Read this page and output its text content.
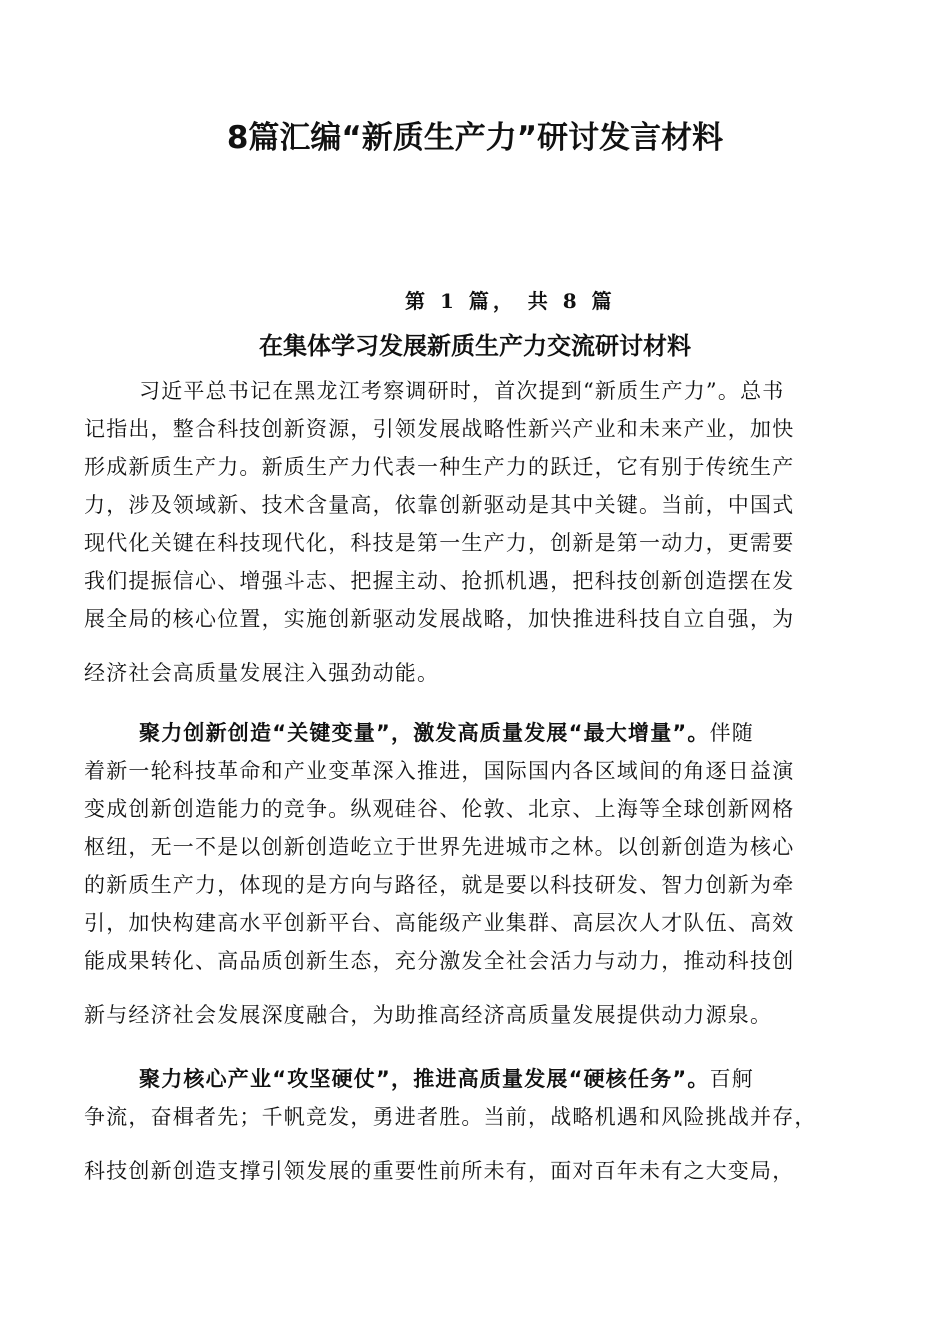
8篇汇编“新质生产力”研讨发言材料
第 1 篇， 共 8 篇
在集体学习发展新质生产力交流研讨材料
习近平总书记在黑龙江考察调研时，首次提到“新质生产力”。总书
记指出，整合科技创新资源，引领发展战略性新兴产业和未来产业，加快
形成新质生产力。新质生产力代表一种生产力的跃迁，它有别于传统生产
力，涉及领域新、技术含量高，依靠创新驱动是其中关键。当前，中国式
现代化关键在科技现代化，科技是第一生产力，创新是第一动力，更需要
我们提振信心、增强斗志、把握主动、抢抓机遇，把科技创新创造摆在发
展全局的核心位置，实施创新驱动发展战略，加快推进科技自立自强，为
经济社会高质量发展注入强劲动能。
聚力创新创造“关键变量”，激发高质量发展“最大增量”。伴随
着新一轮科技革命和产业变革深入推进，国际国内各区域间的角逐日益演
变成创新创造能力的竞争。纵观硅谷、伦敦、北京、上海等全球创新网格
枢纽，无一不是以创新创造屹立于世界先进城市之林。以创新创造为核心
的新质生产力，体现的是方向与路径，就是要以科技研发、智力创新为牵
引，加快构建高水平创新平台、高能级产业集群、高层次人才队伍、高效
能成果转化、高品质创新生态，充分激发全社会活力与动力，推动科技创
新与经济社会发展深度融合，为助推高经济高质量发展提供动力源泉。
聚力核心产业“攻坚硬仗”，推进高质量发展“硬核任务”。百舸
争流，奋楫者先；千帆竞发，勇进者胜。当前，战略机遇和风险挑战并存，
科技创新创造支撑引领发展的重要性前所未有，面对百年未有之大变局，
